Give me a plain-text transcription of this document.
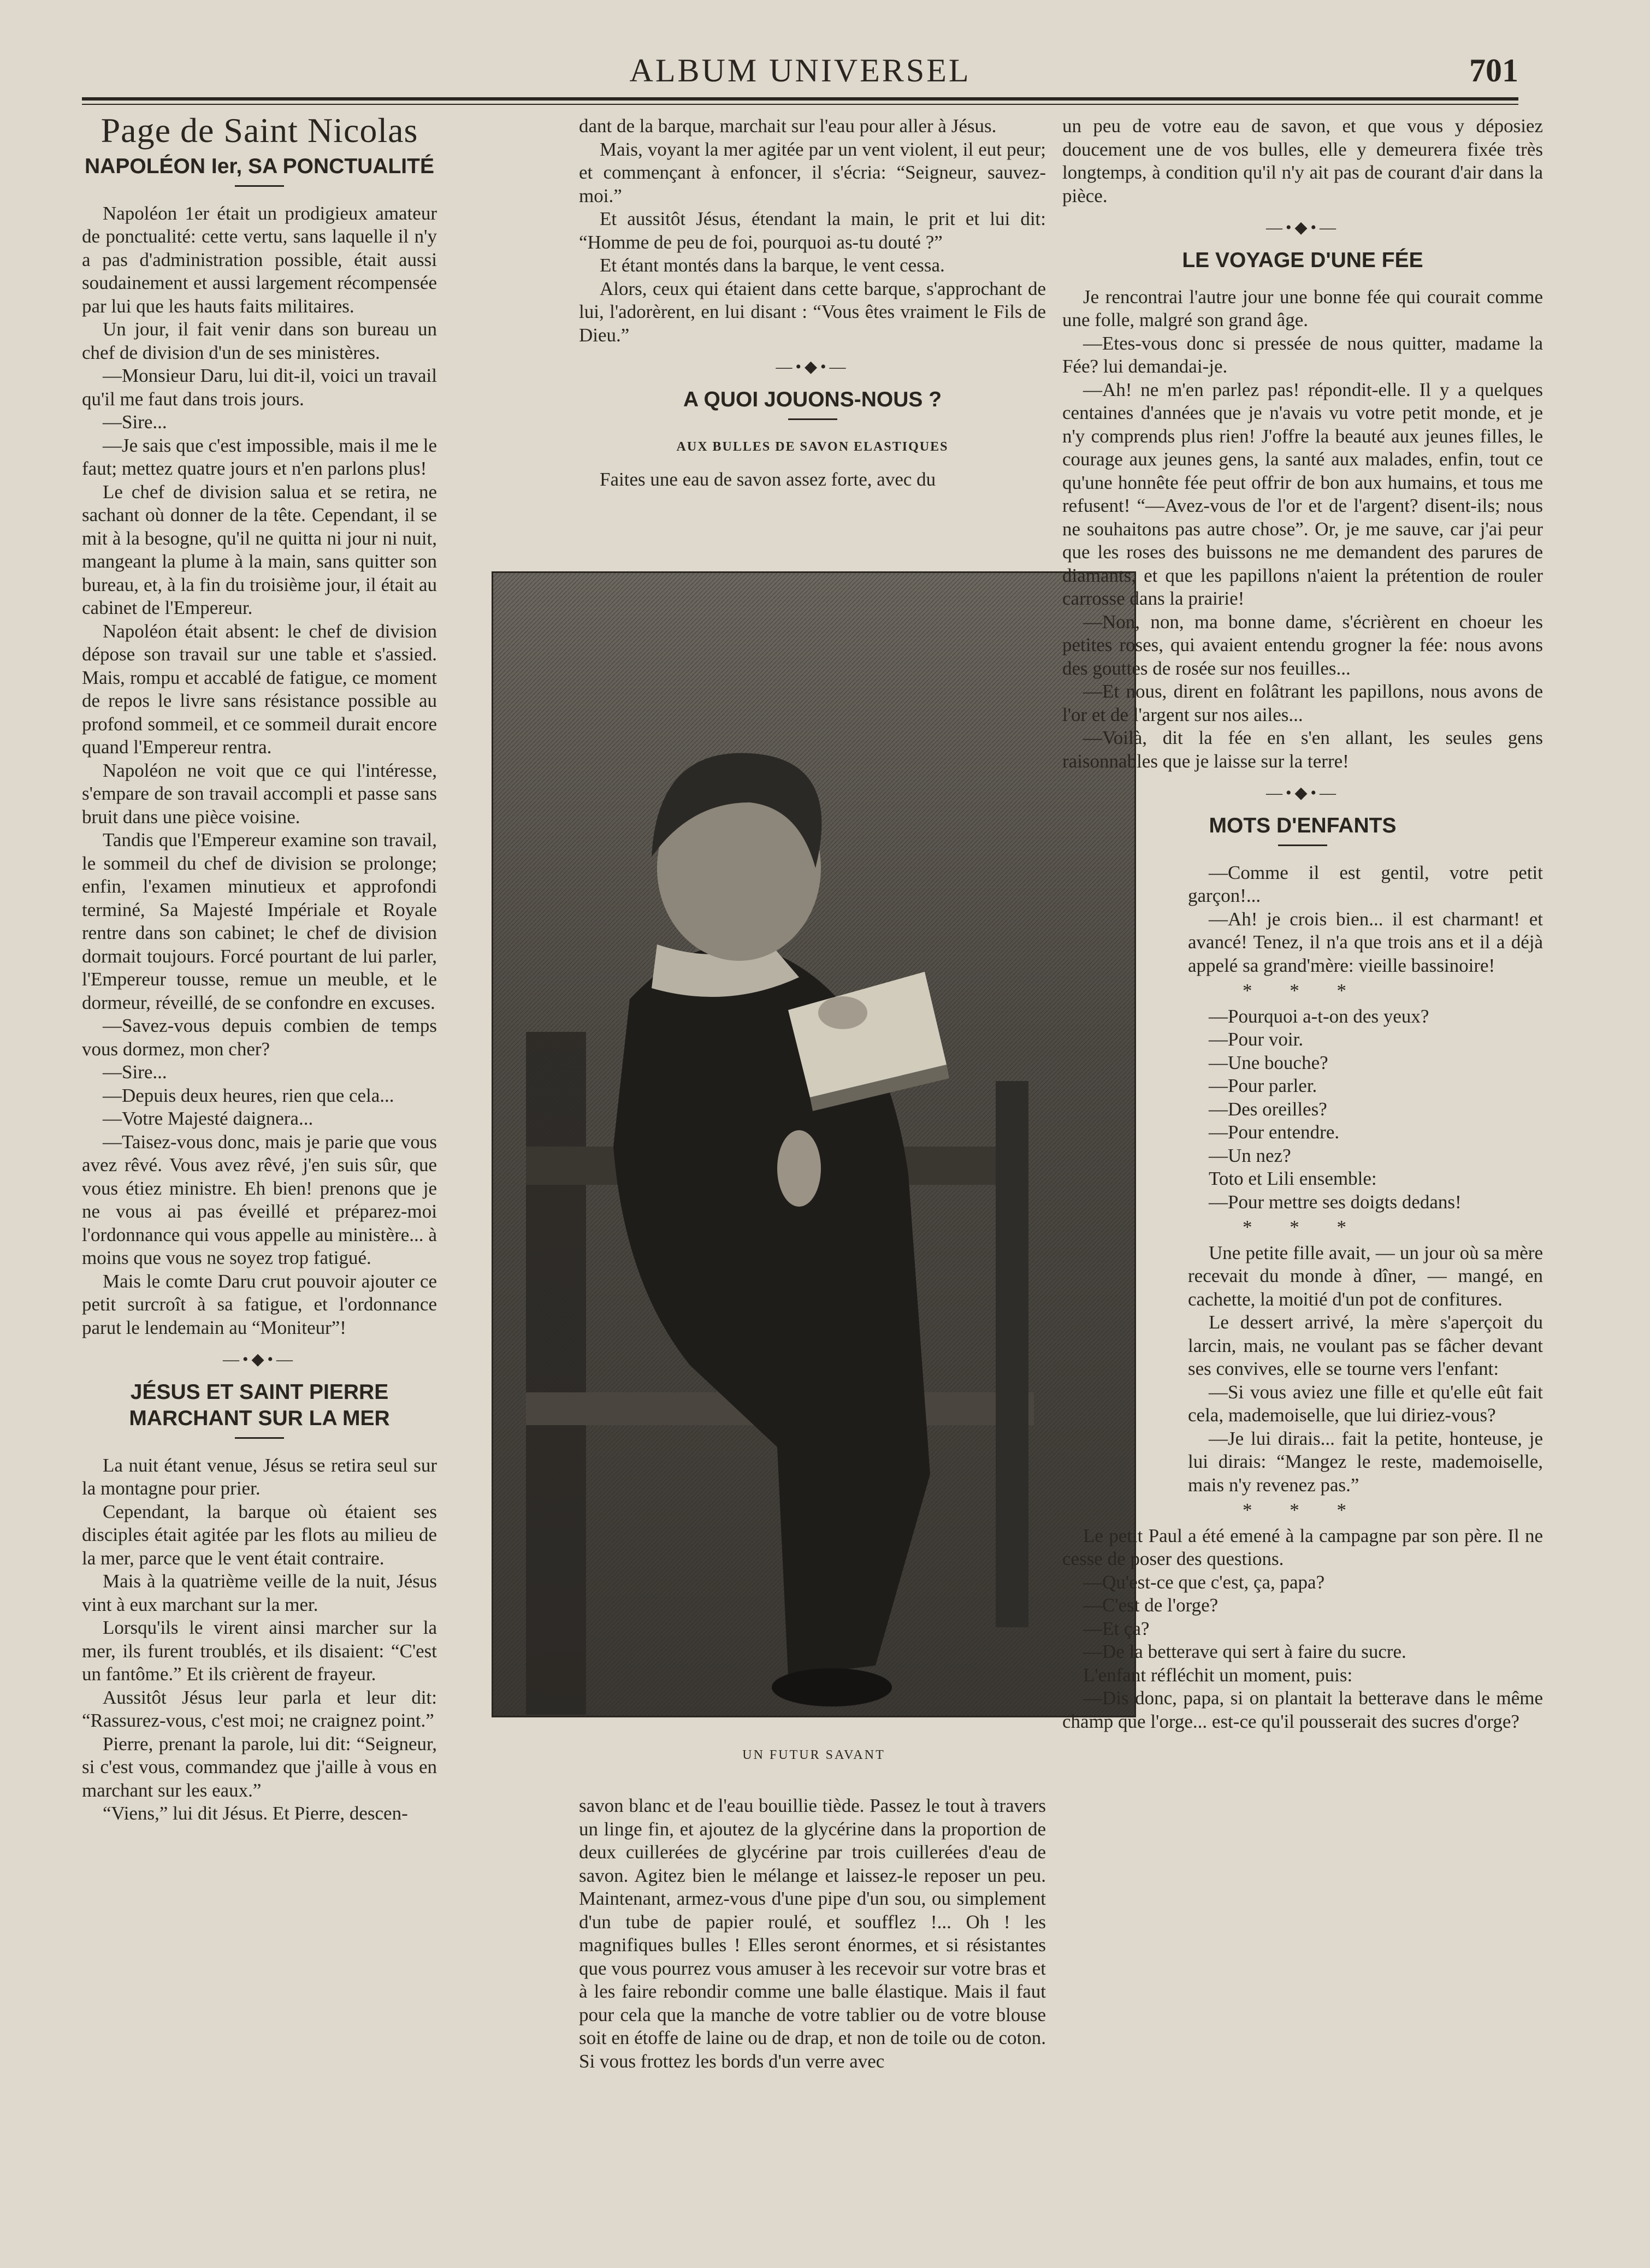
ALBUM UNIVERSEL	701
Page de Saint Nicolas
NAPOLÉON Ier, SA PONCTUALITÉ

Napoléon 1er était un prodigieux amateur de ponctualité: cette vertu, sans laquelle il n'y a pas d'administration possible, était aussi soudainement et aussi largement récompensée par lui que les hauts faits militaires.

Un jour, il fait venir dans son bureau un chef de division d'un de ses ministères.

—Monsieur Daru, lui dit-il, voici un travail qu'il me faut dans trois jours.

—Sire...

—Je sais que c'est impossible, mais il me le faut; mettez quatre jours et n'en parlons plus!

Le chef de division salua et se retira, ne sachant où donner de la tête. Cependant, il se mit à la besogne, qu'il ne quitta ni jour ni nuit, mangeant la plume à la main, sans quitter son bureau, et, à la fin du troisième jour, il était au cabinet de l'Empereur.

Napoléon était absent: le chef de division dépose son travail sur une table et s'assied. Mais, rompu et accablé de fatigue, ce moment de repos le livre sans résistance possible au profond sommeil, et ce sommeil durait encore quand l'Empereur rentra.

Napoléon ne voit que ce qui l'intéresse, s'empare de son travail accompli et passe sans bruit dans une pièce voisine.

Tandis que l'Empereur examine son travail, le sommeil du chef de division se prolonge; enfin, l'examen minutieux et approfondi terminé, Sa Majesté Impériale et Royale rentre dans son cabinet; le chef de division dormait toujours. Forcé pourtant de lui parler, l'Empereur tousse, remue un meuble, et le dormeur, réveillé, de se confondre en excuses.

—Savez-vous depuis combien de temps vous dormez, mon cher?

—Sire...

—Depuis deux heures, rien que cela...

—Votre Majesté daignera...

—Taisez-vous donc, mais je parie que vous avez rêvé. Vous avez rêvé, j'en suis sûr, que vous étiez ministre. Eh bien! prenons que je ne vous ai pas éveillé et préparez-moi l'ordonnance qui vous appelle au ministère... à moins que vous ne soyez trop fatigué.

Mais le comte Daru crut pouvoir ajouter ce petit surcroît à sa fatigue, et l'ordonnance parut le lendemain au “Moniteur”!

—•◆•—
JÉSUS ET SAINT PIERRE MARCHANT SUR LA MER

La nuit étant venue, Jésus se retira seul sur la montagne pour prier.

Cependant, la barque où étaient ses disciples était agitée par les flots au milieu de la mer, parce que le vent était contraire.

Mais à la quatrième veille de la nuit, Jésus vint à eux marchant sur la mer.

Lorsqu'ils le virent ainsi marcher sur la mer, ils furent troublés, et ils disaient: “C'est un fantôme.” Et ils crièrent de frayeur.

Aussitôt Jésus leur parla et leur dit: “Rassurez-vous, c'est moi; ne craignez point.”

Pierre, prenant la parole, lui dit: “Seigneur, si c'est vous, commandez que j'aille à vous en marchant sur les eaux.”

“Viens,” lui dit Jésus. Et Pierre, descen-

dant de la barque, marchait sur l'eau pour aller à Jésus.

Mais, voyant la mer agitée par un vent violent, il eut peur; et commençant à enfoncer, il s'écria: “Seigneur, sauvez-moi.”

Et aussitôt Jésus, étendant la main, le prit et lui dit: “Homme de peu de foi, pourquoi as-tu douté ?”

Et étant montés dans la barque, le vent cessa.

Alors, ceux qui étaient dans cette barque, s'approchant de lui, l'adorèrent, en lui disant : “Vous êtes vraiment le Fils de Dieu.”

—•◆•—
A QUOI JOUONS-NOUS ?
AUX BULLES DE SAVON ELASTIQUES

Faites une eau de savon assez forte, avec du

UN FUTUR SAVANT

savon blanc et de l'eau bouillie tiède. Passez le tout à travers un linge fin, et ajoutez de la glycérine dans la proportion de deux cuillerées de glycérine par trois cuillerées d'eau de savon. Agitez bien le mélange et laissez-le reposer un peu. Maintenant, armez-vous d'une pipe d'un sou, ou simplement d'un tube de papier roulé, et soufflez !... Oh ! les magnifiques bulles ! Elles seront énormes, et si résistantes que vous pourrez vous amuser à les recevoir sur votre bras et à les faire rebondir comme une balle élastique. Mais il faut pour cela que la manche de votre tablier ou de votre blouse soit en étoffe de laine ou de drap, et non de toile ou de coton. Si vous frottez les bords d'un verre avec

un peu de votre eau de savon, et que vous y déposiez doucement une de vos bulles, elle y demeurera fixée très longtemps, à condition qu'il n'y ait pas de courant d'air dans la pièce.

—•◆•—
LE VOYAGE D'UNE FÉE

Je rencontrai l'autre jour une bonne fée qui courait comme une folle, malgré son grand âge.

—Etes-vous donc si pressée de nous quitter, madame la Fée? lui demandai-je.

—Ah! ne m'en parlez pas! répondit-elle. Il y a quelques centaines d'années que je n'avais vu votre petit monde, et je n'y comprends plus rien! J'offre la beauté aux jeunes filles, le courage aux jeunes gens, la santé aux malades, enfin, tout ce qu'une honnête fée peut offrir de bon aux humains, et tous me refusent! “—Avez-vous de l'or et de l'argent? disent-ils; nous ne souhaitons pas autre chose”. Or, je me sauve, car j'ai peur que les roses des buissons ne me demandent des parures de diamants, et que les papillons n'aient la prétention de rouler carrosse dans la prairie!

—Non, non, ma bonne dame, s'écrièrent en choeur les petites roses, qui avaient entendu grogner la fée: nous avons des gouttes de rosée sur nos feuilles...

—Et nous, dirent en folâtrant les papillons, nous avons de l'or et de l'argent sur nos ailes...

—Voilà, dit la fée en s'en allant, les seules gens raisonnables que je laisse sur la terre!

—•◆•—
MOTS D'ENFANTS

—Comme il est gentil, votre petit garçon!...

—Ah! je crois bien... il est charmant! et avancé! Tenez, il n'a que trois ans et il a déjà appelé sa grand'mère: vieille bassinoire!

* * *

—Pourquoi a-t-on des yeux?

—Pour voir.

—Une bouche?

—Pour parler.

—Des oreilles?

—Pour entendre.

—Un nez?

Toto et Lili ensemble:

—Pour mettre ses doigts dedans!

* * *

Une petite fille avait, — un jour où sa mère recevait du monde à dîner, — mangé, en cachette, la moitié d'un pot de confitures.

Le dessert arrivé, la mère s'aperçoit du larcin, mais, ne voulant pas se fâcher devant ses convives, elle se tourne vers l'enfant:

—Si vous aviez une fille et qu'elle eût fait cela, mademoiselle, que lui diriez-vous?

—Je lui dirais... fait la petite, honteuse, je lui dirais: “Mangez le reste, mademoiselle, mais n'y revenez pas.”

* * *

Le petit Paul a été emené à la campagne par son père. Il ne cesse de poser des questions.

—Qu'est-ce que c'est, ça, papa?

—C'est de l'orge?

—Et ça?

—De la betterave qui sert à faire du sucre.

L'enfant réfléchit un moment, puis:

—Dis donc, papa, si on plantait la betterave dans le même champ que l'orge... est-ce qu'il pousserait des sucres d'orge?
